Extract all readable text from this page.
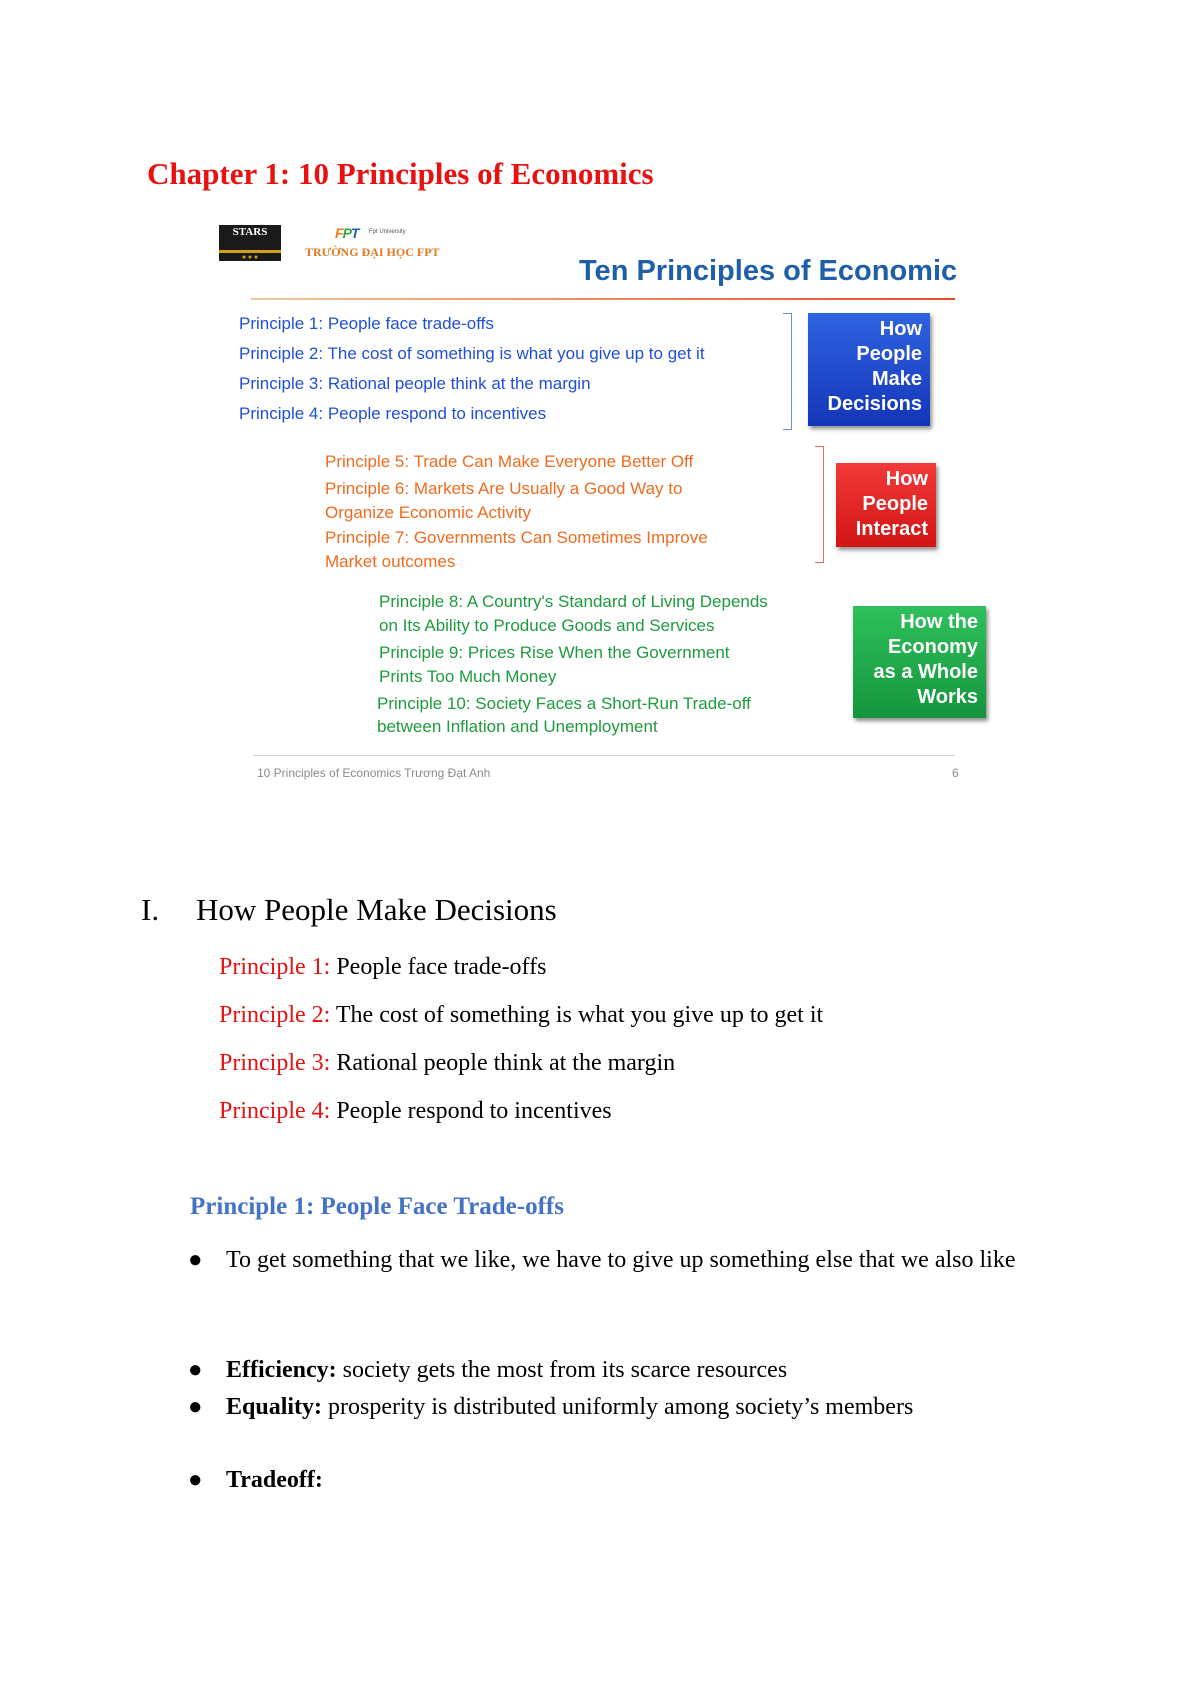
Chapter 1: 10 Principles of Economics
STARS
● ● ●
FPT Fpt University
TRƯỜNG ĐẠI HỌC FPT
Ten Principles of Economic
Principle 1: People face trade-offs
Principle 2: The cost of something is what you give up to get it
Principle 3: Rational people think at the margin
Principle 4: People respond to incentives
How
People
Make
Decisions
Principle 5: Trade Can Make Everyone Better Off
Principle 6: Markets Are Usually a Good Way to
Organize Economic Activity
Principle 7: Governments Can Sometimes Improve
Market outcomes
How
People
Interact
Principle 8: A Country's Standard of Living Depends
on Its Ability to Produce Goods and Services
Principle 9: Prices Rise When the Government
Prints Too Much Money
Principle 10: Society Faces a Short-Run Trade-off
between Inflation and Unemployment
How the
Economy
as a Whole
Works
10 Principles of Economics Trương Đạt Anh	6
I. How People Make Decisions
Principle 1: People face trade-offs
Principle 2: The cost of something is what you give up to get it
Principle 3: Rational people think at the margin
Principle 4: People respond to incentives
Principle 1: People Face Trade-offs
● To get something that we like, we have to give up something else that we also like
● Efficiency: society gets the most from its scarce resources
● Equality: prosperity is distributed uniformly among society’s members
● Tradeoff:
